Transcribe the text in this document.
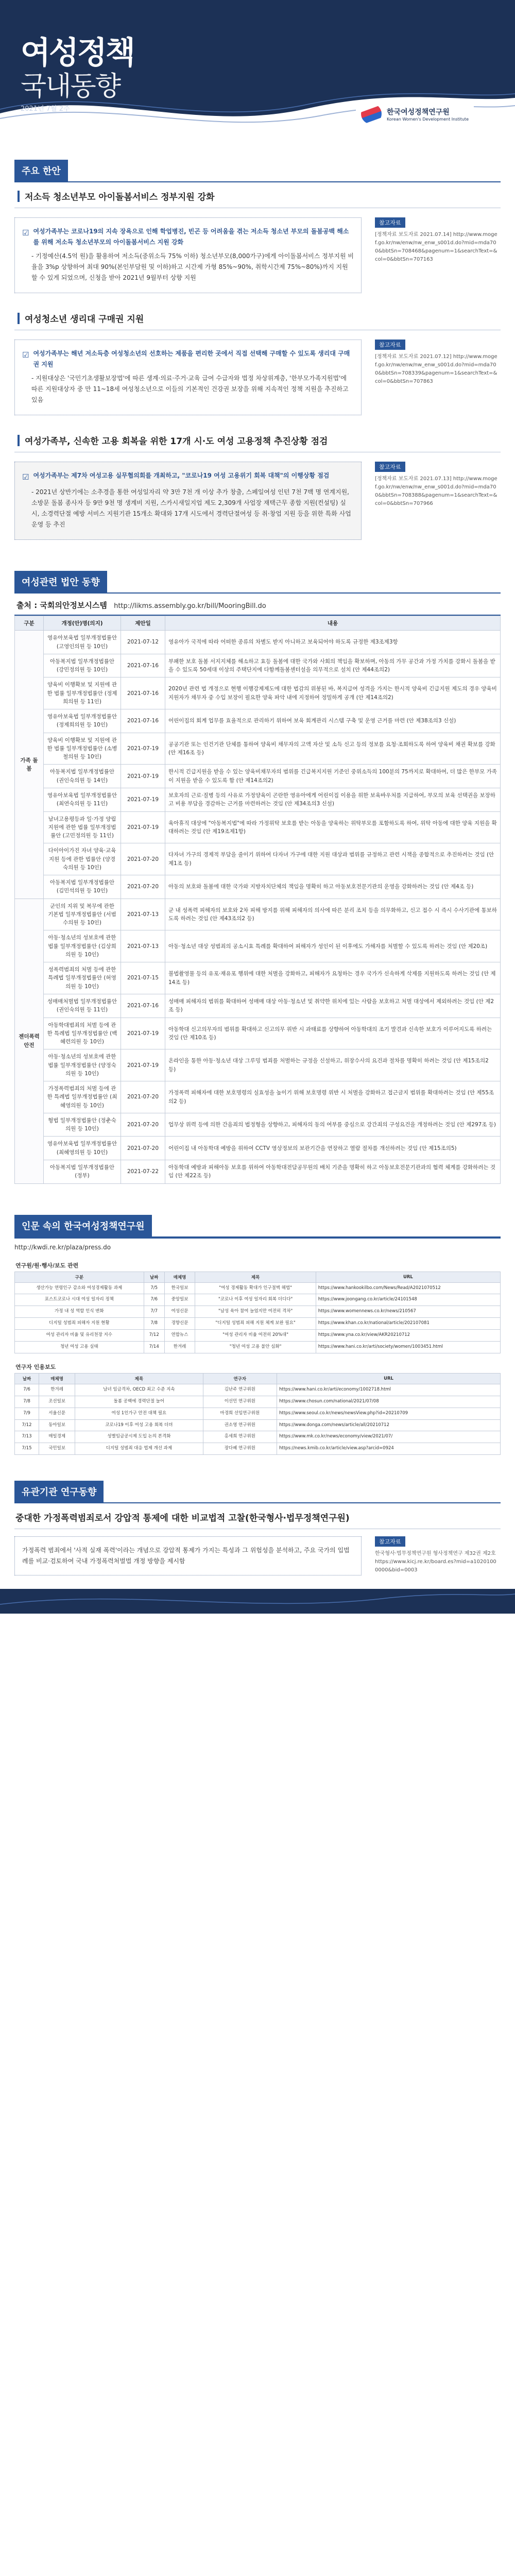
여성정책
국내동향
2021년 7월 2주	한국여성정책연구원
Korean Women's Development Institute
주요 한안
저소득 청소년부모 아이돌봄서비스 정부지원 강화
☑ 여성가족부는 코로나19의 지속 장욕으로 인해 학업병진, 빈곤 등 어려움을 겪는 저소득 청소년 부모의 돌봄공백 해소를 위해 저소득 청소년부모의 아이돌봄서비스 지원 강화
- 기정예산(4.5억 원)을 활용하여 저소득(중위소득 75% 이하) 청소년부모(8,000가구)에게 아이돌봄서비스 정부지원 비율을 3%p 상향하여 최대 90%(본인부담원 및 이하)하고 시간제 가형 85%~90%, 취학시간제 75%~80%)까지 지원할 수 있게 되었으며, 신청을 받아 2021년 9월부터 상향 지원
참고자료
[정책자료 보도자료 2021.07.14] http://www.mogef.go.kr/nw/enw/nw_enw_s001d.do?mid=mda700&bbtSn=708468&pagenum=1&searchText=&col=0&bbtSn=707163
여성청소년 생리대 구매권 지원
☑ 여성가족부는 해년 저소득층 여성청소년의 선호하는 제품을 편리한 곳에서 직접 선택해 구매할 수 있도록 생리대 구매권 지원
- 지원대상은 '국민기초생활보장법'에 따른 생계·의료·주거·교육 급여 수급자와 법정 차상위계층, '한부모가족지원법'에 따른 지원대상자 중 만 11~18세 여성청소년으로 이들의 기본적인 건강권 보장을 위해 지속적인 정책 지원을 추진하고 있음
참고자료
[정책자료 보도자료 2021.07.12] http://www.mogef.go.kr/nw/enw/nw_enw_s001d.do?mid=mda700&bbtSn=708339&pagenum=1&searchText=&col=0&bbtSn=707863
여성가족부, 신속한 고용 회복을 위한 17개 시·도 여성 고용정책 추진상황 점검
☑ 여성가족부는 제7차 여성고용 실무협의회를 개최하고, "코로나19 여성 고용위기 회복 대책"의 이행상황 점검
- 2021년 상반기에는 소추경을 통한 여성일자리 약 3만 7천 개 이상 추가 창출, 스페일여성 인턴 7천 7백 명 연계지원, 소방문 돌봄 종사자 등 9만 9천 명 생계비 지원, 스카시새일지업 제도 2,309개 사업장 재택근무 종합 지원(컨설팅) 실시, 소경력단절 예방 서비스 지원기관 15개소 확대와 17개 시도에서 경력단절여성 등 취·창업 지원 등을 위한 특화 사업 운영 등 추진
참고자료
[정책자료 보도자료 2021.07.13] http://www.mogef.go.kr/nw/enw/nw_enw_s001d.do?mid=mda700&bbtSn=708388&pagenum=1&searchText=&col=0&bbtSn=707966
여성관련 법안 동향
출처 : 국회의안정보시스템 http://likms.assembly.go.kr/bill/MooringBill.do
구분	개정(안)명(의지)	제안일	내용
가족 돌봄	영유아보육법 일부개정법률안 (고영인의원 등 10인)	2021-07-12	영유아가 국적에 따라 어떠한 종류의 차별도 받지 아니하고 보육되어야 하도록 규정한 제3조제3항
	아동복지법 일부개정법률안 (강민정의원 등 10인)	2021-07-16	부패한 보호 돌봄 서지지체를 해소하고 효등 돌봄에 대한 국가와 사회의 책임을 확보하며, 아동의 가무 공간과 가정 가치를 강화시 돌봄을 받을 수 있도록 50세대 이상의 주택단지에 다함께돌봄센터설을 의무적으로 설치 (안 제44조의2)
	양육비 이행확보 및 지원에 관한 법률 일부개정법률안 (정제희의원 등 11인)	2021-07-16	2020년 관련 법 개정으로 현행 이행강제제도에 대한 법감의 위봉된 바, 복지급여 성격을 가지는 한시적 양육비 긴급지원 제도의 경우 양육비 지원자가 채무자 중 수입 보장이 필요한 양육 파악 내에 지정하여 정밀하게 공개 (안 제14조의2)
	영유아보육법 일부개정법률안 (정제희의원 등 10인)	2021-07-16	어린이집의 회계 업무를 효율적으로 관리하기 위하여 보육 회계관리 시스템 구축 및 운영 근거를 마련 (안 제38조의3 신설)
	양육비 이행확보 및 지원에 관한 법률 일부개정법률안 (소병철의원 등 10인)	2021-07-19	공공기관 또는 인건기관 단체를 통하여 양육비 채무자의 고액 자산 및 소득 신고 등의 정보를 요청·조회하도록 하여 양육비 채권 확보를 강화 (안 제16조 등)
	아동복지법 일부개정법률안 (권인숙의원 등 14인)	2021-07-19	한시적 긴급지원을 받을 수 있는 양육비채무자의 범위를 긴급복지지원 기준인 중위소득의 100분의 75까지로 확대하여, 더 많은 한부모 가족이 지원을 받을 수 있도록 함 (안 제14조의2)
	영유아보육법 일부개정법률안 (최연숙의원 등 11인)	2021-07-19	보호자의 근로·질병 등의 사유로 가정양육이 곤란한 영유아에게 어린이집 이용을 위한 보육바우처를 지급하여, 부모의 보육 선택권을 보장하고 비용 부담을 경감하는 근거를 마련하려는 것임 (안 제34조의3 신설)
	남녀고용평등과 일·가정 양립 지원에 관한 법률 일부개정법률안 (고민정의원 등 11인)	2021-07-19	육아휴직 대상에 "아동복지법"에 따라 가정위탁 보호를 받는 아동을 양육하는 위탁부모를 포함하도록 하여, 위탁 아동에 대한 양육 지원을 확대하려는 것임 (안 제19조제1항)
	다이아이가진 자녀 양육·교육 지원 등에 관한 법률안 (양경숙의원 등 10인)	2021-07-20	다자녀 가구의 경제적 부담을 줄이기 위하여 다자녀 가구에 대한 지원 대상과 범위를 규정하고 관련 시책을 종합적으로 추진하려는 것임 (안 제1조 등)
	아동복지법 일부개정법률안 (김민석의원 등 10인)	2021-07-20	아동의 보호와 돌봄에 대한 국가와 지방자치단체의 책임을 명확히 하고 아동보호전문기관의 운영을 강화하려는 것임 (안 제4조 등)
젠더폭력 안전	군인의 지위 및 복무에 관한 기본법 일부개정법률안 (서범수의원 등 10인)	2021-07-13	군 내 성폭력 피해자의 보호와 2차 피해 방지를 위해 피해자의 의사에 따른 분리 조치 등을 의무화하고, 신고 접수 시 즉시 수사기관에 통보하도록 하려는 것임 (안 제43조의2 등)
	아동·청소년의 성보호에 관한 법률 일부개정법률안 (김상희의원 등 10인)	2021-07-13	아동·청소년 대상 성범죄의 공소시효 특례를 확대하여 피해자가 성인이 된 이후에도 가해자를 처벌할 수 있도록 하려는 것임 (안 제20조)
	성폭력범죄의 처벌 등에 관한 특례법 일부개정법률안 (허영의원 등 10인)	2021-07-15	불법촬영물 등의 유포·재유포 행위에 대한 처벌을 강화하고, 피해자가 요청하는 경우 국가가 신속하게 삭제를 지원하도록 하려는 것임 (안 제14조 등)
	성매매처벌법 일부개정법률안 (권인숙의원 등 11인)	2021-07-16	성매매 피해자의 범위를 확대하여 성매매 대상 아동·청소년 및 취약한 위치에 있는 사람을 보호하고 처벌 대상에서 제외하려는 것임 (안 제2조 등)
	아동학대범죄의 처벌 등에 관한 특례법 일부개정법률안 (백혜련의원 등 10인)	2021-07-19	아동학대 신고의무자의 범위를 확대하고 신고의무 위반 시 과태료를 상향하여 아동학대의 조기 발견과 신속한 보호가 이루어지도록 하려는 것임 (안 제10조 등)
	아동·청소년의 성보호에 관한 법률 일부개정법률안 (양정숙의원 등 10인)	2021-07-19	온라인을 통한 아동·청소년 대상 그루밍 범죄를 처벌하는 규정을 신설하고, 위장수사의 요건과 절차를 명확히 하려는 것임 (안 제15조의2 등)
	가정폭력범죄의 처벌 등에 관한 특례법 일부개정법률안 (최혜영의원 등 10인)	2021-07-20	가정폭력 피해자에 대한 보호명령의 실효성을 높이기 위해 보호명령 위반 시 처벌을 강화하고 접근금지 범위를 확대하려는 것임 (안 제55조의2 등)
	형법 일부개정법률안 (정춘숙의원 등 10인)	2021-07-20	업무상 위력 등에 의한 간음죄의 법정형을 상향하고, 피해자의 동의 여부를 중심으로 강간죄의 구성요건을 개정하려는 것임 (안 제297조 등)
	영유아보육법 일부개정법률안 (최혜영의원 등 10인)	2021-07-20	어린이집 내 아동학대 예방을 위하여 CCTV 영상정보의 보관기간을 연장하고 열람 절차를 개선하려는 것임 (안 제15조의5)
	아동복지법 일부개정법률안 (정부)	2021-07-22	아동학대 예방과 피해아동 보호를 위하여 아동학대전담공무원의 배치 기준을 명확히 하고 아동보호전문기관과의 협력 체계를 강화하려는 것임 (안 제22조 등)
인문 속의 한국여성정책연구원
http://kwdi.re.kr/plaza/press.do
연구원/원·행사/보도 관련
구분	날짜	매체명	제목	URL
생산가능 연령인구 감소와 여성경제활동 과제	7/5	한국일보	"여성 경제활동 확대가 인구절벽 해법"	https://www.hankookilbo.com/News/Read/A2021070512
포스트코로나 시대 여성 일자리 정책	7/6	중앙일보	"코로나 이후 여성 일자리 회복 더디다"	https://www.joongang.co.kr/article/24101548
가정 내 성 역할 인식 변화	7/7	여성신문	"남성 육아 참여 늘었지만 여전히 격차"	https://www.womennews.co.kr/news/210567
디지털 성범죄 피해자 지원 현황	7/8	경향신문	"디지털 성범죄 피해 지원 체계 보완 필요"	https://www.khan.co.kr/national/article/202107081
여성 관리자 비율 및 유리천장 지수	7/12	연합뉴스	"여성 관리자 비율 여전히 20%대"	https://www.yna.co.kr/view/AKR20210712
청년 여성 고용 실태	7/14	한겨레	"청년 여성 고용 불안 심화"	https://www.hani.co.kr/arti/society/women/1003451.html
연구자 인용보도
날짜	매체명	제목	연구자	URL
7/6	한겨레	남녀 임금격차, OECD 최고 수준 지속	김난주 연구위원	https://www.hani.co.kr/arti/economy/1002718.html
7/8	조선일보	돌봄 공백에 경력단절 늘어	이선민 연구위원	https://www.chosun.com/national/2021/07/08
7/9	서울신문	여성 1인가구 안전 대책 필요	마경희 선임연구위원	https://www.seoul.co.kr/news/newsView.php?id=20210709
7/12	동아일보	코로나19 이후 여성 고용 회복 더뎌	권소영 연구위원	https://www.donga.com/news/article/all/20210712
7/13	매일경제	성별임금공시제 도입 논의 본격화	홍세희 연구위원	https://www.mk.co.kr/news/economy/view/2021/07/
7/15	국민일보	디지털 성범죄 대응 법제 개선 과제	장다혜 연구위원	https://news.kmib.co.kr/article/view.asp?arcid=0924
유관기관 연구동향
중대한 가정폭력범죄로서 강압적 통제에 대한 비교법적 고찰(한국형사·법무정책연구원)
가정폭력 범죄에서 '사적 실재 폭력'이라는 개념으로 강압적 통제가 가지는 특성과 그 위험성을 분석하고, 주요 국가의 입법례를 비교·검토하여 국내 가정폭력처벌법 개정 방향을 제시함
참고자료
한국형사·법무정책연구원 형사정책연구 제32권 제2호 https://www.kicj.re.kr/board.es?mid=a10201000000&bid=0003
